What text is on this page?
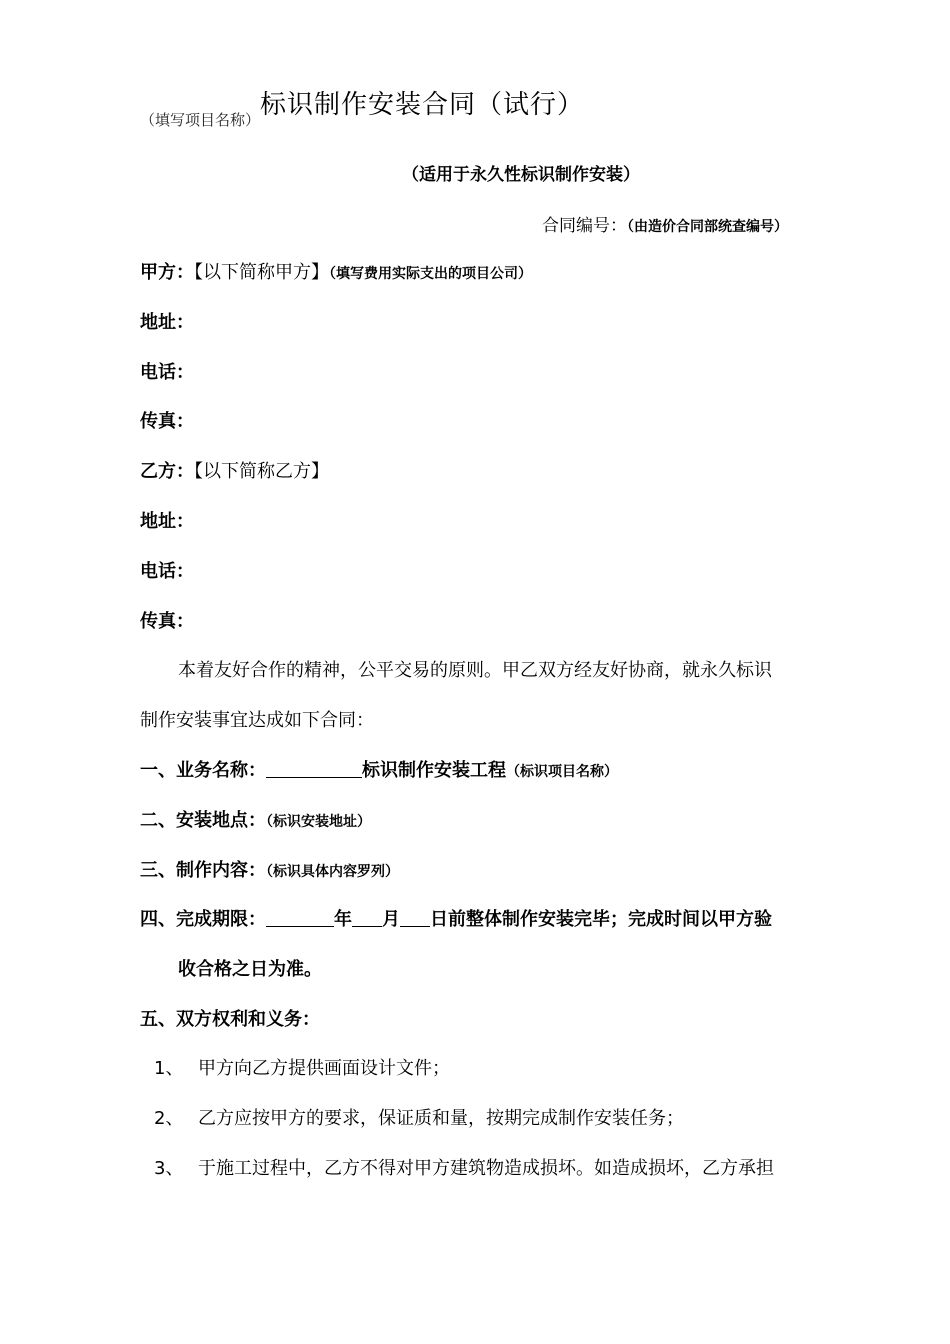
（填写项目名称）标识制作安装合同（试行）
（适用于永久性标识制作安装）
合同编号：（由造价合同部统查编号）
甲方：【以下简称甲方】（填写费用实际支出的项目公司）
地址：
电话：
传真：
乙方：【以下简称乙方】
地址：
电话：
传真：
本着友好合作的精神，公平交易的原则。甲乙双方经友好协商，就永久标识
制作安装事宜达成如下合同：
一、业务名称：	标识制作安装工程（标识项目名称）
二、安装地点：（标识安装地址）
三、制作内容：（标识具体内容罗列）
四、完成期限：	年 月 日前整体制作安装完毕；完成时间以甲方验
收合格之日为准。
五、双方权利和义务：
1、 甲方向乙方提供画面设计文件；
2、 乙方应按甲方的要求，保证质和量，按期完成制作安装任务；
3、 于施工过程中，乙方不得对甲方建筑物造成损坏。如造成损坏，乙方承担
